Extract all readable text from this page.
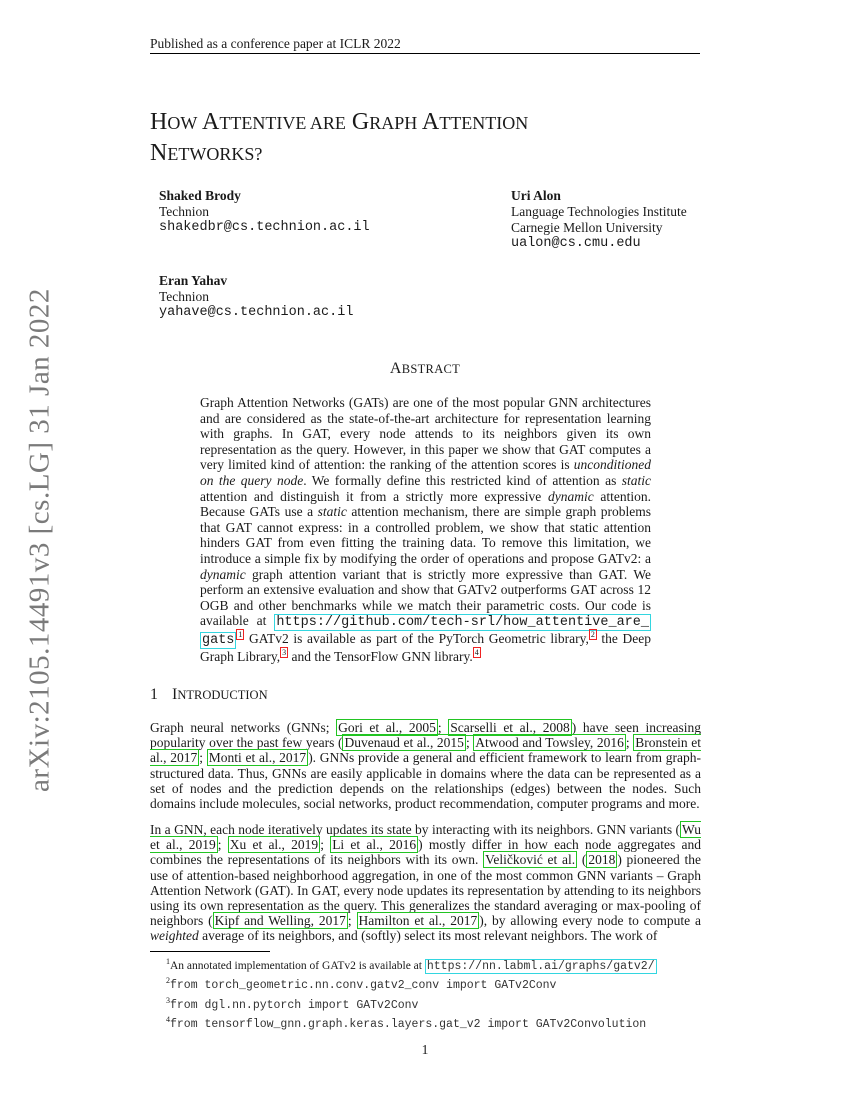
Published as a conference paper at ICLR 2022
arXiv:2105.14491v3 [cs.LG] 31 Jan 2022
HOW ATTENTIVE ARE GRAPH ATTENTION
NETWORKS?
Shaked Brody
Technion
shakedbr@cs.technion.ac.il
Uri Alon
Language Technologies Institute
Carnegie Mellon University
ualon@cs.cmu.edu
Eran Yahav
Technion
yahave@cs.technion.ac.il
ABSTRACT
Graph Attention Networks (GATs) are one of the most popular GNN architectures and are considered as the state-of-the-art architecture for representation learning with graphs. In GAT, every node attends to its neighbors given its own representation as the query. However, in this paper we show that GAT computes a very limited kind of attention: the ranking of the attention scores is unconditioned on the query node. We formally define this restricted kind of attention as static attention and distinguish it from a strictly more expressive dynamic attention. Because GATs use a static attention mechanism, there are simple graph problems that GAT cannot express: in a controlled problem, we show that static attention hinders GAT from even fitting the training data. To remove this limitation, we introduce a simple fix by modifying the order of operations and propose GATv2: a dynamic graph attention variant that is strictly more expressive than GAT. We perform an extensive evaluation and show that GATv2 outperforms GAT across 12 OGB and other benchmarks while we match their parametric costs. Our code is available at https://github.com/tech-srl/how_attentive_are_ gats $^1$ GATv2 is available as part of the PyTorch Geometric library, $^2$ the Deep Graph Library, $^3$ and the TensorFlow GNN library. $^4$
1 INTRODUCTION
Graph neural networks (GNNs; Gori et al., 2005 ; Scarselli et al., 2008 ) have seen increasing popularity over the past few years ( Duvenaud et al., 2015 ; Atwood and Towsley, 2016 ; Bronstein et al., 2017 ; Monti et al., 2017 ). GNNs provide a general and efficient framework to learn from graph-structured data. Thus, GNNs are easily applicable in domains where the data can be represented as a set of nodes and the prediction depends on the relationships (edges) between the nodes. Such domains include molecules, social networks, product recommendation, computer programs and more.
In a GNN, each node iteratively updates its state by interacting with its neighbors. GNN variants ( Wu et al., 2019 ; Xu et al., 2019 ; Li et al., 2016 ) mostly differ in how each node aggregates and combines the representations of its neighbors with its own. Veličković et al. ( 2018 ) pioneered the use of attention-based neighborhood aggregation, in one of the most common GNN variants – Graph Attention Network (GAT). In GAT, every node updates its representation by attending to its neighbors using its own representation as the query. This generalizes the standard averaging or max-pooling of neighbors ( Kipf and Welling, 2017 ; Hamilton et al., 2017 ), by allowing every node to compute a weighted average of its neighbors, and (softly) select its most relevant neighbors. The work of
$^1$An annotated implementation of GATv2 is available at https://nn.labml.ai/graphs/gatv2/
$^2$from torch_geometric.nn.conv.gatv2_conv import GATv2Conv
$^3$from dgl.nn.pytorch import GATv2Conv
$^4$from tensorflow_gnn.graph.keras.layers.gat_v2 import GATv2Convolution
1
